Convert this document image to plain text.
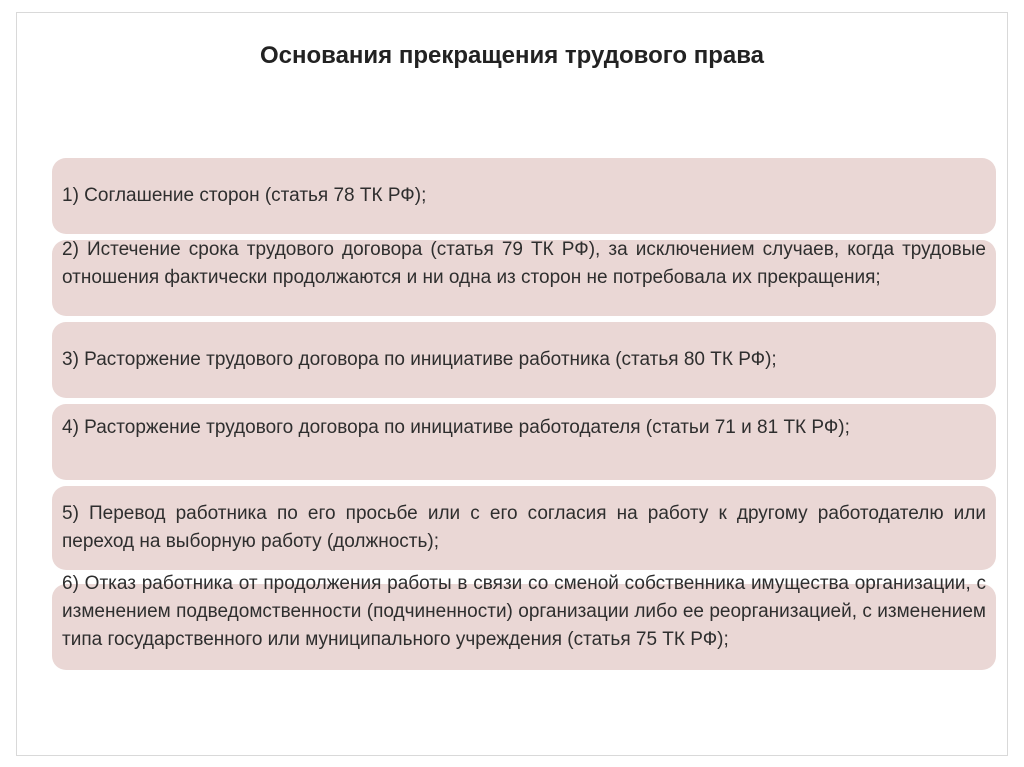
Основания прекращения трудового права
1) Соглашение сторон (статья 78 ТК РФ);
2) Истечение срока трудового договора (статья 79 ТК РФ), за исключением случаев, когда трудовые отношения фактически продолжаются и ни одна из сторон не потребовала их прекращения;
3) Расторжение трудового договора по инициативе работника (статья 80 ТК РФ);
4) Расторжение трудового договора по инициативе работодателя (статьи 71 и 81 ТК РФ);
5) Перевод работника по его просьбе или с его согласия на работу к другому работодателю или переход на выборную работу (должность);
6) Отказ работника от продолжения работы в связи со сменой собственника имущества организации, с изменением подведомственности (подчиненности) организации либо ее реорганизацией, с изменением типа государственного или муниципального учреждения (статья 75 ТК РФ);
